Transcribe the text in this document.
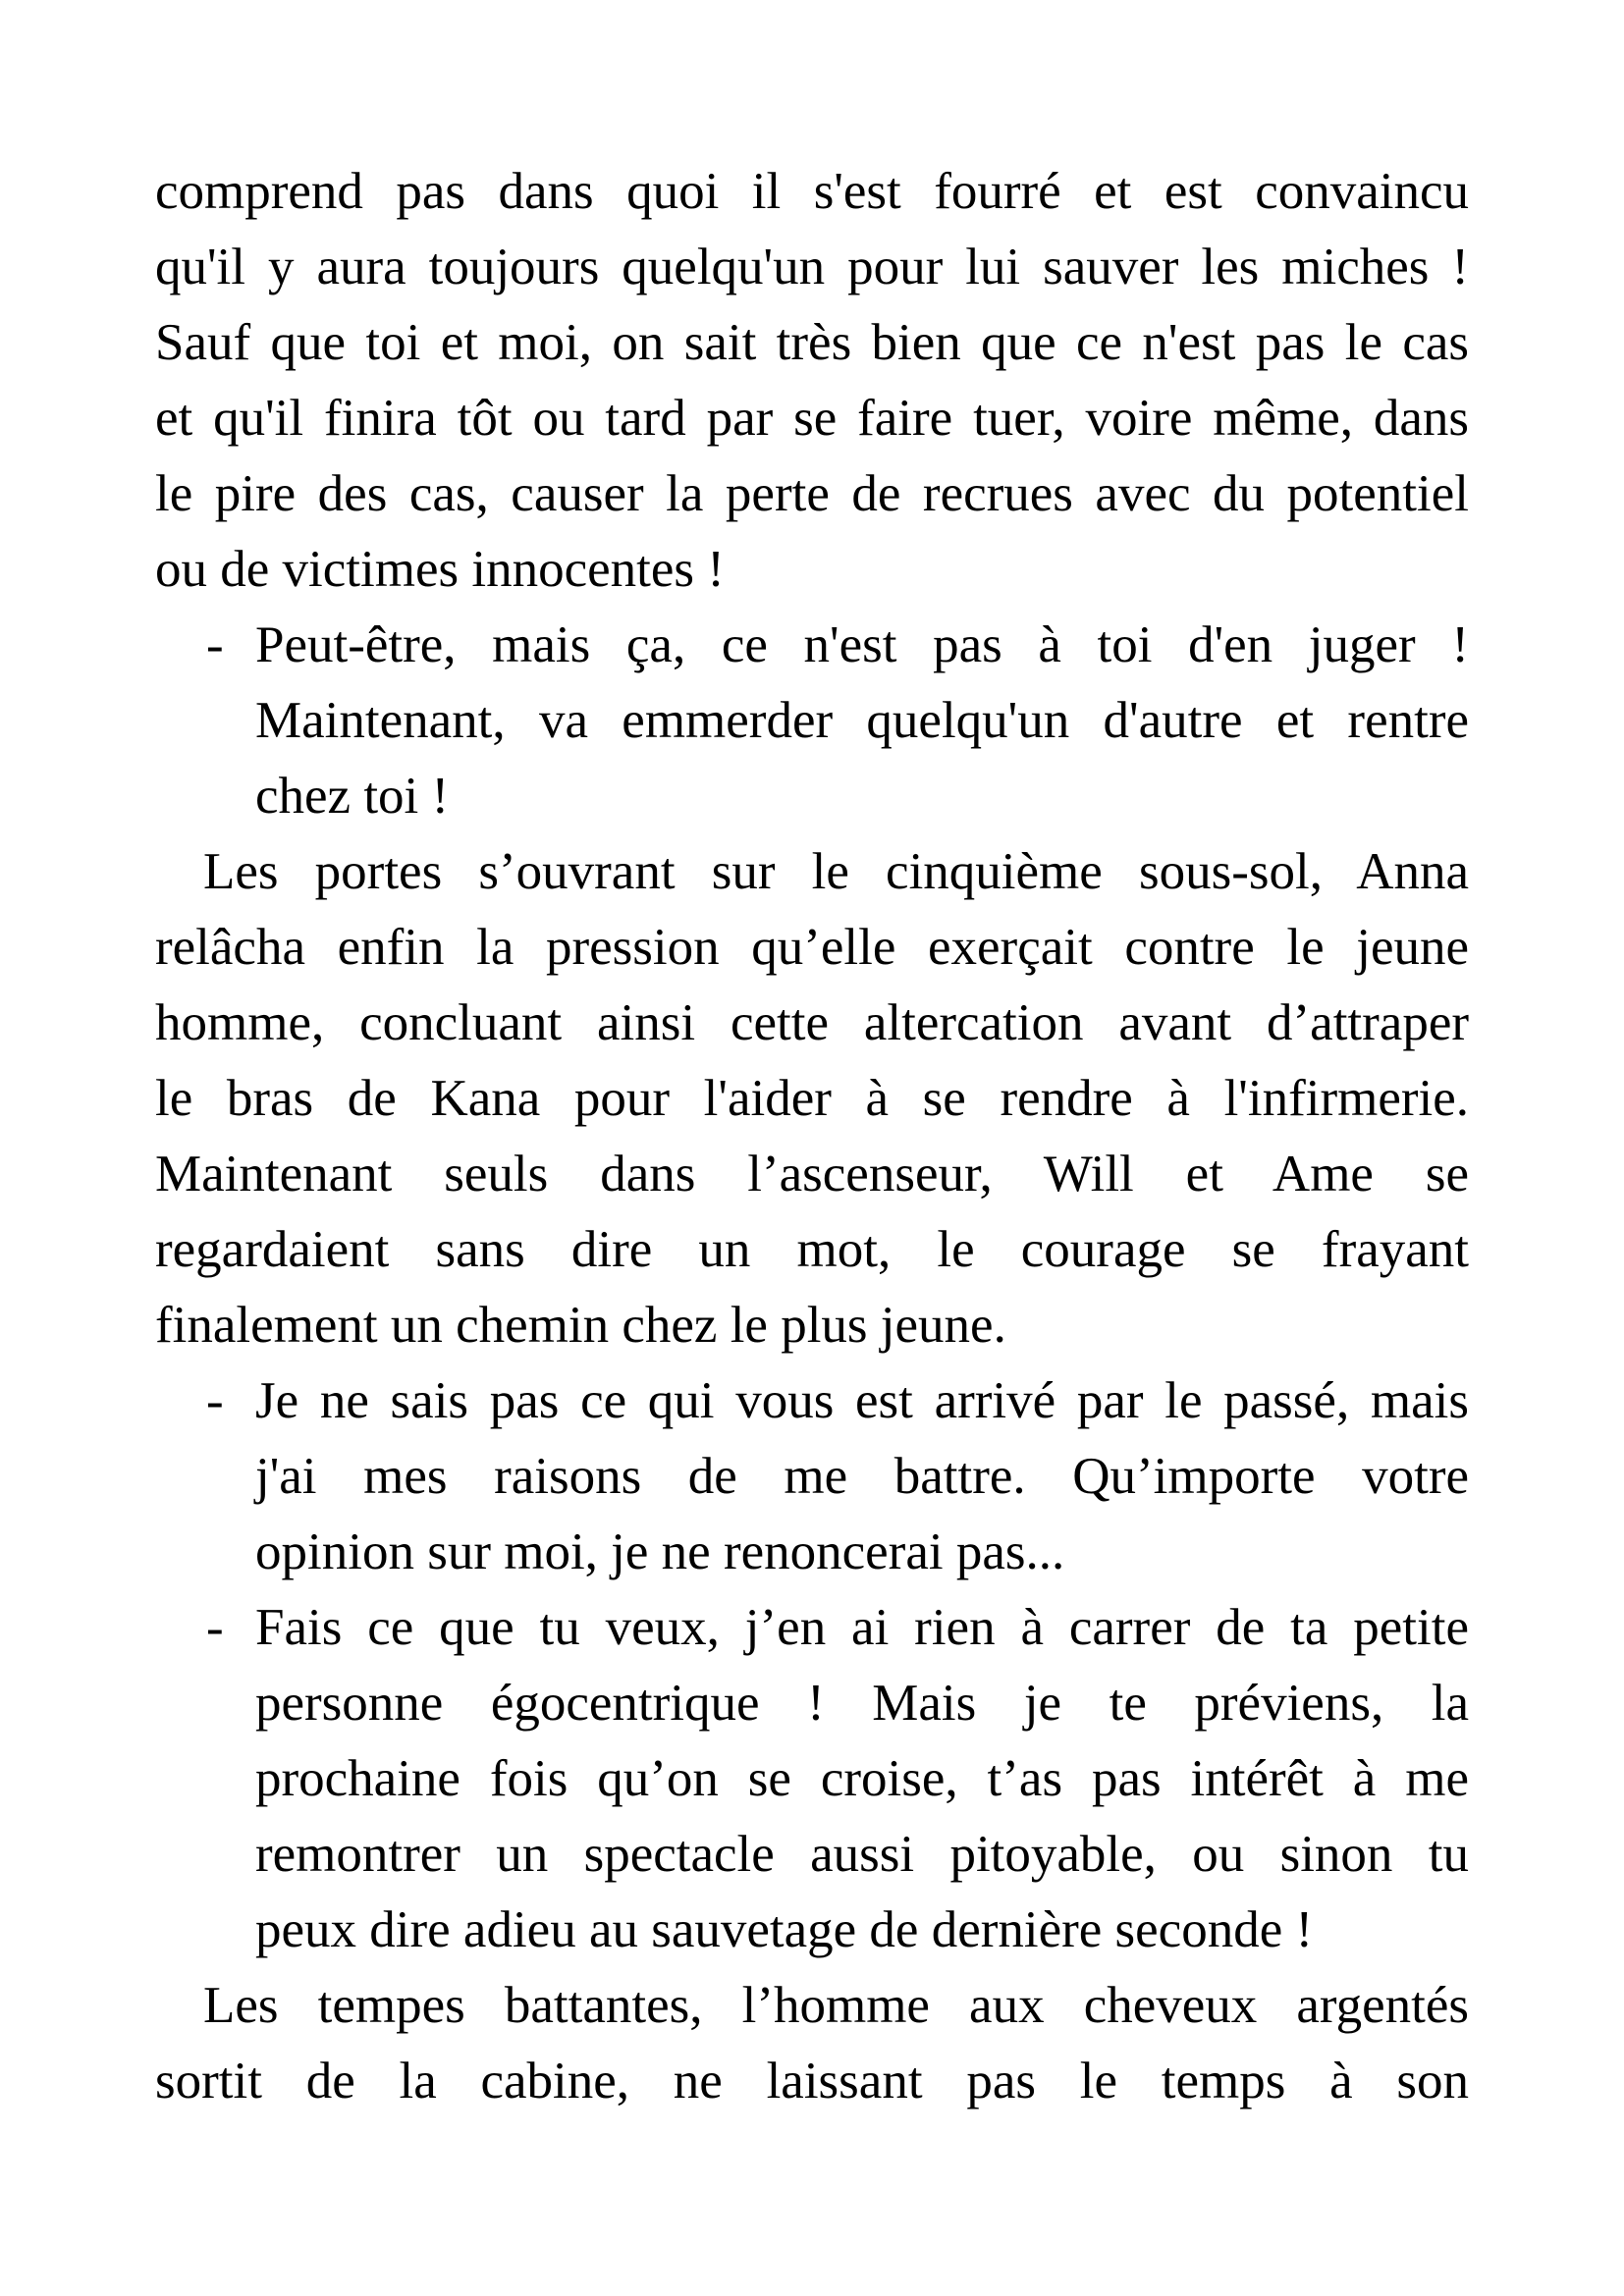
comprend pas dans quoi il s'est fourré et est convaincu
qu'il y aura toujours quelqu'un pour lui sauver les miches !
Sauf que toi et moi, on sait très bien que ce n'est pas le cas
et qu'il finira tôt ou tard par se faire tuer, voire même, dans
le pire des cas, causer la perte de recrues avec du potentiel
ou de victimes innocentes !
- Peut-être, mais ça, ce n'est pas à toi d'en juger !
Maintenant, va emmerder quelqu'un d'autre et rentre
chez toi !
Les portes s’ouvrant sur le cinquième sous-sol, Anna
relâcha enfin la pression qu’elle exerçait contre le jeune
homme, concluant ainsi cette altercation avant d’attraper
le bras de Kana pour l'aider à se rendre à l'infirmerie.
Maintenant seuls dans l’ascenseur, Will et Ame se
regardaient sans dire un mot, le courage se frayant
finalement un chemin chez le plus jeune.
- Je ne sais pas ce qui vous est arrivé par le passé, mais
j'ai mes raisons de me battre. Qu’importe votre
opinion sur moi, je ne renoncerai pas...
- Fais ce que tu veux, j’en ai rien à carrer de ta petite
personne égocentrique ! Mais je te préviens, la
prochaine fois qu’on se croise, t’as pas intérêt à me
remontrer un spectacle aussi pitoyable, ou sinon tu
peux dire adieu au sauvetage de dernière seconde !
Les tempes battantes, l’homme aux cheveux argentés
sortit de la cabine, ne laissant pas le temps à son
